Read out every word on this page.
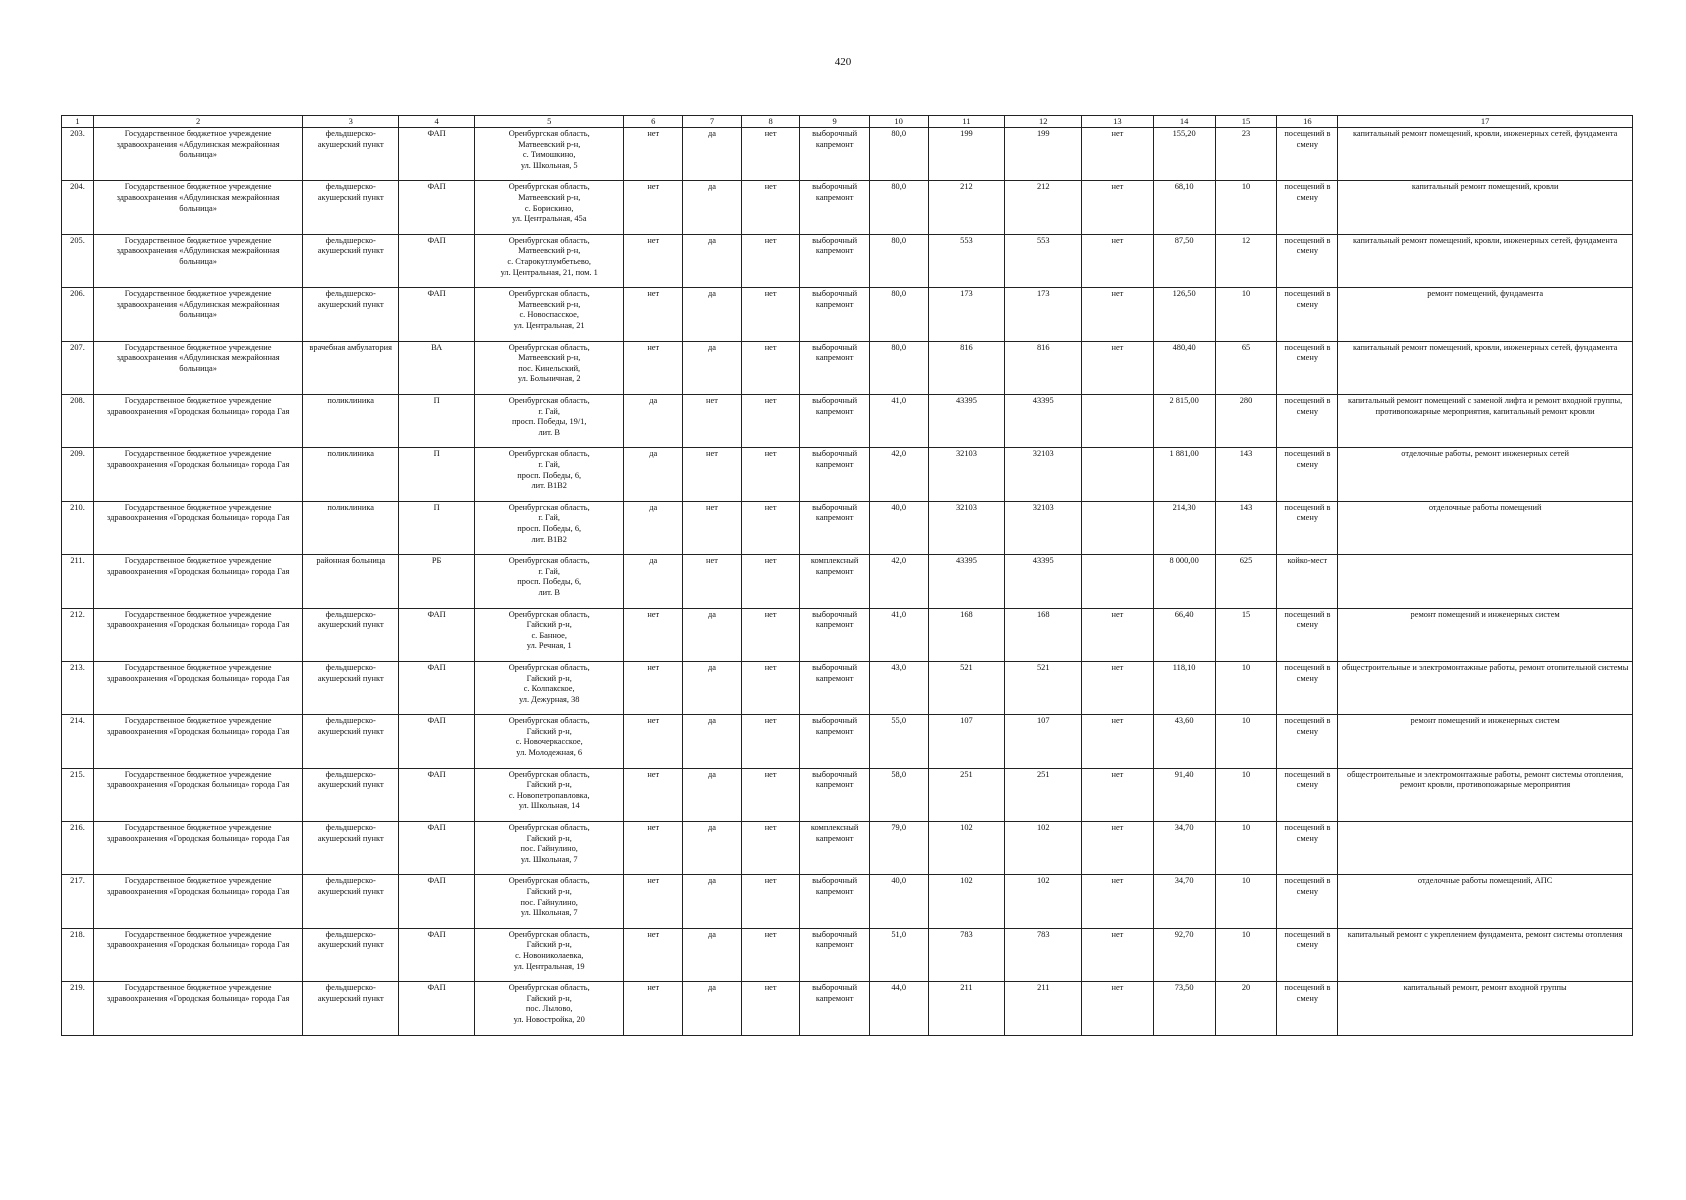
420
1	2	3	4	5	6	7	8	9	10	11	12	13	14	15	16	17

203.	Государственное бюджетное учреждение здравоохранения «Абдулинская межрайонная больница»	фельдшерско-акушерский пункт	ФАП	Оренбургская область,
Матвеевский р-н,
с. Тимошкино,
ул. Школьная, 5	нет	да	нет	выборочный капремонт	80,0	199	199	нет	155,20	23	посещений в смену	капитальный ремонт помещений, кровли, инженерных сетей, фундамента

204.	Государственное бюджетное учреждение здравоохранения «Абдулинская межрайонная больница»	фельдшерско-акушерский пункт	ФАП	Оренбургская область,
Матвеевский р-н,
с. Борискино,
ул. Центральная, 45а	нет	да	нет	выборочный капремонт	80,0	212	212	нет	68,10	10	посещений в смену	капитальный ремонт помещений, кровли

205.	Государственное бюджетное учреждение здравоохранения «Абдулинская межрайонная больница»	фельдшерско-акушерский пункт	ФАП	Оренбургская область,
Матвеевский р-н,
с. Старокутлумбетьево,
ул. Центральная, 21, пом. 1	нет	да	нет	выборочный капремонт	80,0	553	553	нет	87,50	12	посещений в смену	капитальный ремонт помещений, кровли, инженерных сетей, фундамента

206.	Государственное бюджетное учреждение здравоохранения «Абдулинская межрайонная больница»	фельдшерско-акушерский пункт	ФАП	Оренбургская область,
Матвеевский р-н,
с. Новоспасское,
ул. Центральная, 21	нет	да	нет	выборочный капремонт	80,0	173	173	нет	126,50	10	посещений в смену	ремонт помещений, фундамента

207.	Государственное бюджетное учреждение здравоохранения «Абдулинская межрайонная больница»	врачебная амбулатория	ВА	Оренбургская область,
Матвеевский р-н,
пос. Кинельский,
ул. Больничная, 2	нет	да	нет	выборочный капремонт	80,0	816	816	нет	480,40	65	посещений в смену	капитальный ремонт помещений, кровли, инженерных сетей, фундамента

208.	Государственное бюджетное учреждение здравоохранения «Городская больница» города Гая	поликлиника	П	Оренбургская область,
г. Гай,
просп. Победы, 19/1,
лит. В	да	нет	нет	выборочный капремонт	41,0	43395	43395		2 815,00	280	посещений в смену	капитальный ремонт помещений с заменой лифта и ремонт входной группы, противопожарные мероприятия, капитальный ремонт кровли

209.	Государственное бюджетное учреждение здравоохранения «Городская больница» города Гая	поликлиника	П	Оренбургская область,
г. Гай,
просп. Победы, 6,
лит. В1В2	да	нет	нет	выборочный капремонт	42,0	32103	32103		1 881,00	143	посещений в смену	отделочные работы, ремонт инженерных сетей

210.	Государственное бюджетное учреждение здравоохранения «Городская больница» города Гая	поликлиника	П	Оренбургская область,
г. Гай,
просп. Победы, 6,
лит. В1В2	да	нет	нет	выборочный капремонт	40,0	32103	32103		214,30	143	посещений в смену	отделочные работы помещений

211.	Государственное бюджетное учреждение здравоохранения «Городская больница» города Гая	районная больница	РБ	Оренбургская область,
г. Гай,
просп. Победы, 6,
лит. В	да	нет	нет	комплексный капремонт	42,0	43395	43395		8 000,00	625	койко-мест	

212.	Государственное бюджетное учреждение здравоохранения «Городская больница» города Гая	фельдшерско-акушерский пункт	ФАП	Оренбургская область,
Гайский р-н,
с. Банное,
ул. Речная, 1	нет	да	нет	выборочный капремонт	41,0	168	168	нет	66,40	15	посещений в смену	ремонт помещений и инженерных систем

213.	Государственное бюджетное учреждение здравоохранения «Городская больница» города Гая	фельдшерско-акушерский пункт	ФАП	Оренбургская область,
Гайский р-н,
с. Колпакское,
ул. Дежурная, 38	нет	да	нет	выборочный капремонт	43,0	521	521	нет	118,10	10	посещений в смену	общестроительные и электромонтажные работы, ремонт отопительной системы

214.	Государственное бюджетное учреждение здравоохранения «Городская больница» города Гая	фельдшерско-акушерский пункт	ФАП	Оренбургская область,
Гайский р-н,
с. Новочеркасское,
ул. Молодежная, 6	нет	да	нет	выборочный капремонт	55,0	107	107	нет	43,60	10	посещений в смену	ремонт помещений и инженерных систем

215.	Государственное бюджетное учреждение здравоохранения «Городская больница» города Гая	фельдшерско-акушерский пункт	ФАП	Оренбургская область,
Гайский р-н,
с. Новопетропавловка,
ул. Школьная, 14	нет	да	нет	выборочный капремонт	58,0	251	251	нет	91,40	10	посещений в смену	общестроительные и электромонтажные работы, ремонт системы отопления, ремонт кровли, противопожарные мероприятия

216.	Государственное бюджетное учреждение здравоохранения «Городская больница» города Гая	фельдшерско-акушерский пункт	ФАП	Оренбургская область,
Гайский р-н,
пос. Гайнулино,
ул. Школьная, 7	нет	да	нет	комплексный капремонт	79,0	102	102	нет	34,70	10	посещений в смену	

217.	Государственное бюджетное учреждение здравоохранения «Городская больница» города Гая	фельдшерско-акушерский пункт	ФАП	Оренбургская область,
Гайский р-н,
пос. Гайнулино,
ул. Школьная, 7	нет	да	нет	выборочный капремонт	40,0	102	102	нет	34,70	10	посещений в смену	отделочные работы помещений, АПС

218.	Государственное бюджетное учреждение здравоохранения «Городская больница» города Гая	фельдшерско-акушерский пункт	ФАП	Оренбургская область,
Гайский р-н,
с. Новониколаевка,
ул. Центральная, 19	нет	да	нет	выборочный капремонт	51,0	783	783	нет	92,70	10	посещений в смену	капитальный ремонт с укреплением фундамента, ремонт системы отопления

219.	Государственное бюджетное учреждение здравоохранения «Городская больница» города Гая	фельдшерско-акушерский пункт	ФАП	Оренбургская область,
Гайский р-н,
пос. Лылово,
ул. Новостройка, 20	нет	да	нет	выборочный капремонт	44,0	211	211	нет	73,50	20	посещений в смену	капитальный ремонт, ремонт входной группы
